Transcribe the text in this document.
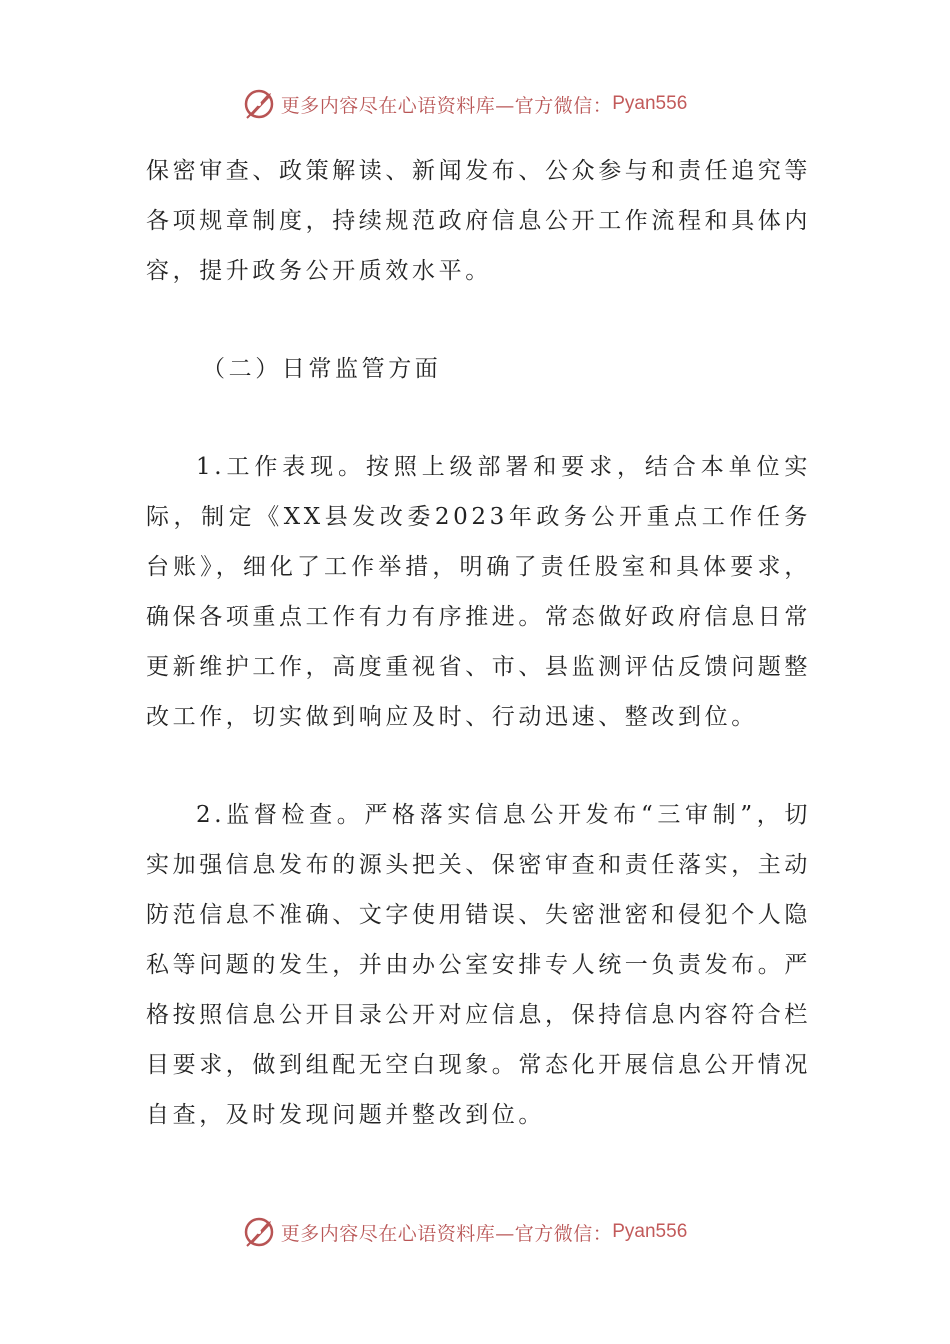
更多内容尽在心语资料库—官方微信： Pyan556

保密审查、政策解读、新闻发布、公众参与和责任追究等各项规章制度，持续规范政府信息公开工作流程和具体内容，提升政务公开质效水平。

（二）日常监管方面

1.工作表现。按照上级部署和要求，结合本单位实际，制定《XX县发改委2023年政务公开重点工作任务台账》，细化了工作举措，明确了责任股室和具体要求，确保各项重点工作有力有序推进。常态做好政府信息日常更新维护工作，高度重视省、市、县监测评估反馈问题整改工作，切实做到响应及时、行动迅速、整改到位。

2.监督检查。严格落实信息公开发布“三审制”，切实加强信息发布的源头把关、保密审查和责任落实，主动防范信息不准确、文字使用错误、失密泄密和侵犯个人隐私等问题的发生，并由办公室安排专人统一负责发布。严格按照信息公开目录公开对应信息，保持信息内容符合栏目要求，做到组配无空白现象。常态化开展信息公开情况自查，及时发现问题并整改到位。

更多内容尽在心语资料库—官方微信： Pyan556
